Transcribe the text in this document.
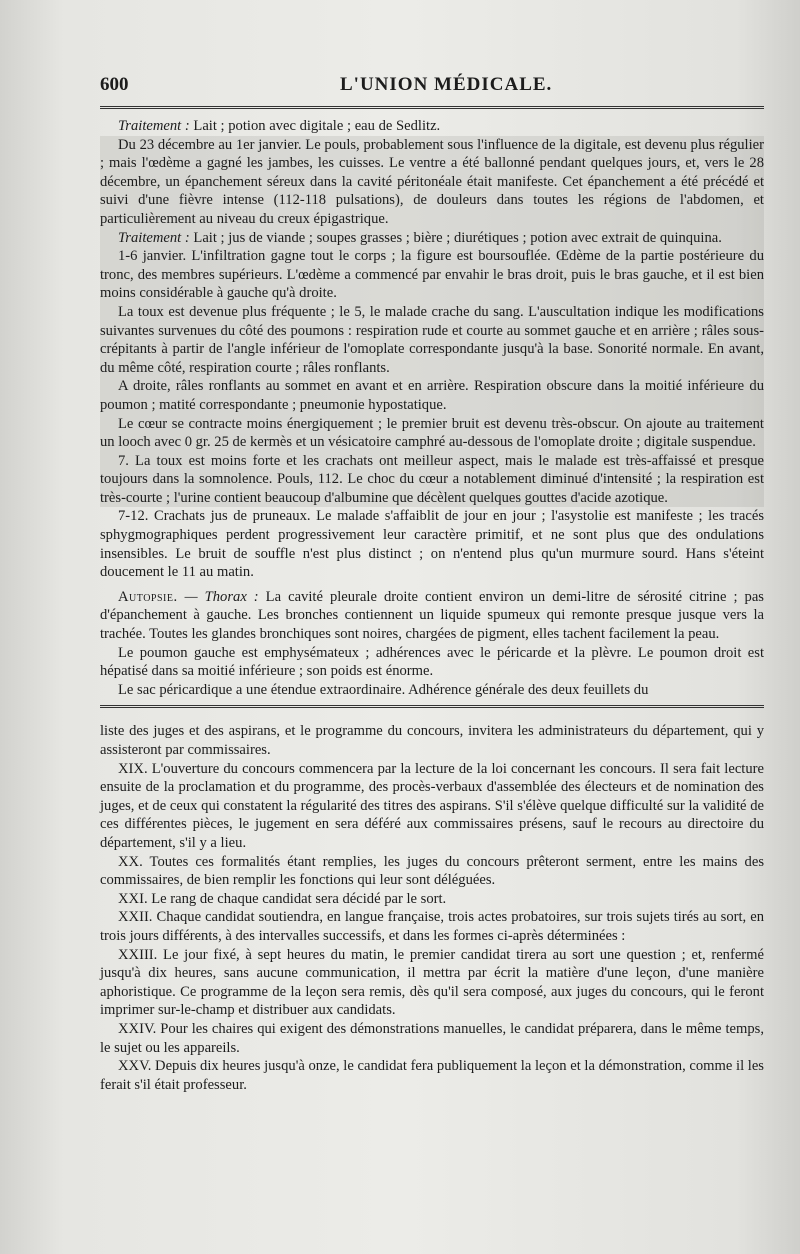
600	L'UNION MÉDICALE.

Traitement : Lait ; potion avec digitale ; eau de Sedlitz.

Du 23 décembre au 1er janvier. Le pouls, probablement sous l'influence de la digitale, est devenu plus régulier ; mais l'œdème a gagné les jambes, les cuisses. Le ventre a été ballonné pendant quelques jours, et, vers le 28 décembre, un épanchement séreux dans la cavité péritonéale était manifeste. Cet épanchement a été précédé et suivi d'une fièvre intense (112-118 pulsations), de douleurs dans toutes les régions de l'abdomen, et particulièrement au niveau du creux épigastrique.

Traitement : Lait ; jus de viande ; soupes grasses ; bière ; diurétiques ; potion avec extrait de quinquina.

1-6 janvier. L'infiltration gagne tout le corps ; la figure est boursouflée. Œdème de la partie postérieure du tronc, des membres supérieurs. L'œdème a commencé par envahir le bras droit, puis le bras gauche, et il est bien moins considérable à gauche qu'à droite.

La toux est devenue plus fréquente ; le 5, le malade crache du sang. L'auscultation indique les modifications suivantes survenues du côté des poumons : respiration rude et courte au sommet gauche et en arrière ; râles sous-crépitants à partir de l'angle inférieur de l'omoplate correspondante jusqu'à la base. Sonorité normale. En avant, du même côté, respiration courte ; râles ronflants.

A droite, râles ronflants au sommet en avant et en arrière. Respiration obscure dans la moitié inférieure du poumon ; matité correspondante ; pneumonie hypostatique.

Le cœur se contracte moins énergiquement ; le premier bruit est devenu très-obscur. On ajoute au traitement un looch avec 0 gr. 25 de kermès et un vésicatoire camphré au-dessous de l'omoplate droite ; digitale suspendue.

7. La toux est moins forte et les crachats ont meilleur aspect, mais le malade est très-affaissé et presque toujours dans la somnolence. Pouls, 112. Le choc du cœur a notablement diminué d'intensité ; la respiration est très-courte ; l'urine contient beaucoup d'albumine que décèlent quelques gouttes d'acide azotique.

7-12. Crachats jus de pruneaux. Le malade s'affaiblit de jour en jour ; l'asystolie est manifeste ; les tracés sphygmographiques perdent progressivement leur caractère primitif, et ne sont plus que des ondulations insensibles. Le bruit de souffle n'est plus distinct ; on n'entend plus qu'un murmure sourd. Hans s'éteint doucement le 11 au matin.

Autopsie. — Thorax : La cavité pleurale droite contient environ un demi-litre de sérosité citrine ; pas d'épanchement à gauche. Les bronches contiennent un liquide spumeux qui remonte presque jusque vers la trachée. Toutes les glandes bronchiques sont noires, chargées de pigment, elles tachent facilement la peau.

Le poumon gauche est emphysémateux ; adhérences avec le péricarde et la plèvre. Le poumon droit est hépatisé dans sa moitié inférieure ; son poids est énorme.

Le sac péricardique a une étendue extraordinaire. Adhérence générale des deux feuillets du

liste des juges et des aspirans, et le programme du concours, invitera les administrateurs du département, qui y assisteront par commissaires.

XIX. L'ouverture du concours commencera par la lecture de la loi concernant les concours. Il sera fait lecture ensuite de la proclamation et du programme, des procès-verbaux d'assemblée des électeurs et de nomination des juges, et de ceux qui constatent la régularité des titres des aspirans. S'il s'élève quelque difficulté sur la validité de ces différentes pièces, le jugement en sera déféré aux commissaires présens, sauf le recours au directoire du département, s'il y a lieu.

XX. Toutes ces formalités étant remplies, les juges du concours prêteront serment, entre les mains des commissaires, de bien remplir les fonctions qui leur sont déléguées.

XXI. Le rang de chaque candidat sera décidé par le sort.

XXII. Chaque candidat soutiendra, en langue française, trois actes probatoires, sur trois sujets tirés au sort, en trois jours différents, à des intervalles successifs, et dans les formes ci-après déterminées :

XXIII. Le jour fixé, à sept heures du matin, le premier candidat tirera au sort une question ; et, renfermé jusqu'à dix heures, sans aucune communication, il mettra par écrit la matière d'une leçon, d'une manière aphoristique. Ce programme de la leçon sera remis, dès qu'il sera composé, aux juges du concours, qui le feront imprimer sur-le-champ et distribuer aux candidats.

XXIV. Pour les chaires qui exigent des démonstrations manuelles, le candidat préparera, dans le même temps, le sujet ou les appareils.

XXV. Depuis dix heures jusqu'à onze, le candidat fera publiquement la leçon et la démonstration, comme il les ferait s'il était professeur.
